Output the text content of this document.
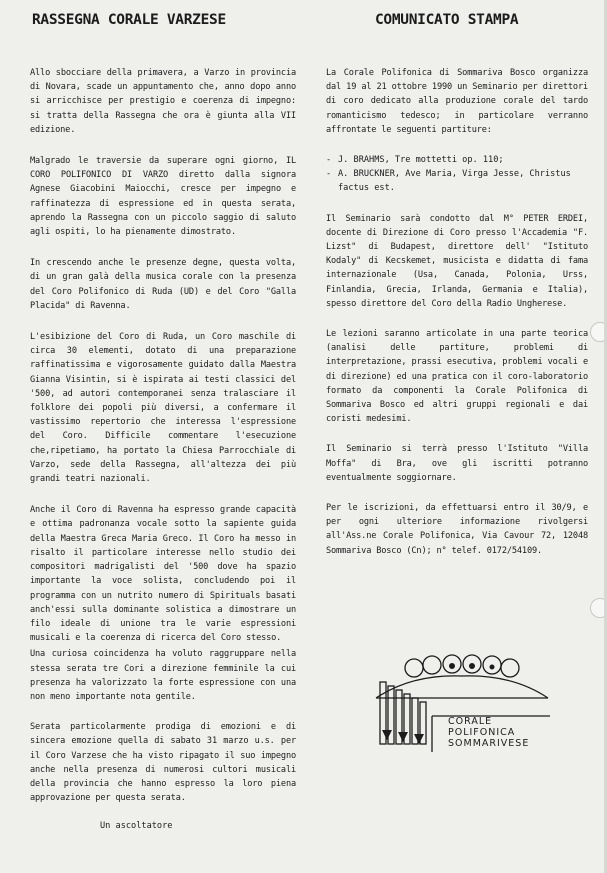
RASSEGNA CORALE VARZESE

Allo sbocciare della primavera, a Varzo in provincia di Novara, scade un appuntamento che, anno dopo anno si arricchisce per prestigio e coerenza di impegno: si tratta della Rassegna che ora è giunta alla VII edizione.

Malgrado le traversie da superare ogni giorno, IL CORO POLIFONICO DI VARZO diretto dalla signora Agnese Giacobini Maiocchi, cresce per impegno e raffinatezza di espressione ed in questa serata, aprendo la Rassegna con un piccolo saggio di saluto agli ospiti, lo ha pienamente dimostrato.

In crescendo anche le presenze degne, questa volta, di un gran galà della musica corale con la presenza del Coro Polifonico di Ruda (UD) e del Coro "Galla Placida" di Ravenna.

L'esibizione del Coro di Ruda, un Coro maschile di circa 30 elementi, dotato di una preparazione raffinatissima e vigorosamente guidato dalla Maestra Gianna Visintin, si è ispirata ai testi classici del '500, ad autori contemporanei senza tralasciare il folklore dei popoli più diversi, a confermare il vastissimo repertorio che interessa l'espressione del Coro. Difficile commentare l'esecuzione che,ripetiamo, ha portato la Chiesa Parrocchiale di Varzo, sede della Rassegna, all'altezza dei più grandi teatri nazionali.

Anche il Coro di Ravenna ha espresso grande capacità e ottima padronanza vocale sotto la sapiente guida della Maestra Greca Maria Greco. Il Coro ha messo in risalto il particolare interesse nello studio dei compositori madrigalisti del '500 dove ha spazio importante la voce solista, concludendo poi il programma con un nutrito numero di Spirituals basati anch'essi sulla dominante solistica a dimostrare un filo ideale di unione tra le varie espressioni musicali e la coerenza di ricerca del Coro stesso.

Una curiosa coincidenza ha voluto raggruppare nella stessa serata tre Cori a direzione femminile la cui presenza ha valorizzato la forte espressione con una non meno importante nota gentile.

Serata particolarmente prodiga di emozioni e di sincera emozione quella di sabato 31 marzo u.s. per il Coro Varzese che ha visto ripagato il suo impegno anche nella presenza di numerosi cultori musicali della provincia che hanno espresso la loro piena approvazione per questa serata.

Un ascoltatore
COMUNICATO STAMPA

La Corale Polifonica di Sommariva Bosco organizza dal 19 al 21 ottobre 1990 un Seminario per direttori di coro dedicato alla produzione corale del tardo romanticismo tedesco; in particolare verranno affrontate le seguenti partiture:

- J. BRAHMS, Tre mottetti op. 110;
- A. BRUCKNER, Ave Maria, Virga Jesse, Christus factus est.

Il Seminario sarà condotto dal M° PETER ERDEI, docente di Direzione di Coro presso l'Accademia "F. Lizst" di Budapest, direttore dell' "Istituto Kodaly" di Kecskemet, musicista e didatta di fama internazionale (Usa, Canada, Polonia, Urss, Finlandia, Grecia, Irlanda, Germania e Italia), spesso direttore del Coro della Radio Ungherese.

Le lezioni saranno articolate in una parte teorica (analisi delle partiture, problemi di interpretazione, prassi esecutiva, problemi vocali e di direzione) ed una pratica con il coro-laboratorio formato da componenti la Corale Polifonica di Sommariva Bosco ed altri gruppi regionali e dai coristi medesimi.

Il Seminario si terrà presso l'Istituto "Villa Moffa" di Bra, ove gli iscritti potranno eventualmente soggiornare.

Per le iscrizioni, da effettuarsi entro il 30/9, e per ogni ulteriore informazione rivolgersi all'Ass.ne Corale Polifonica, Via Cavour 72, 12048 Sommariva Bosco (Cn); n° telef. 0172/54109.

CORALE
POLIFONICA
SOMMARIVESE
